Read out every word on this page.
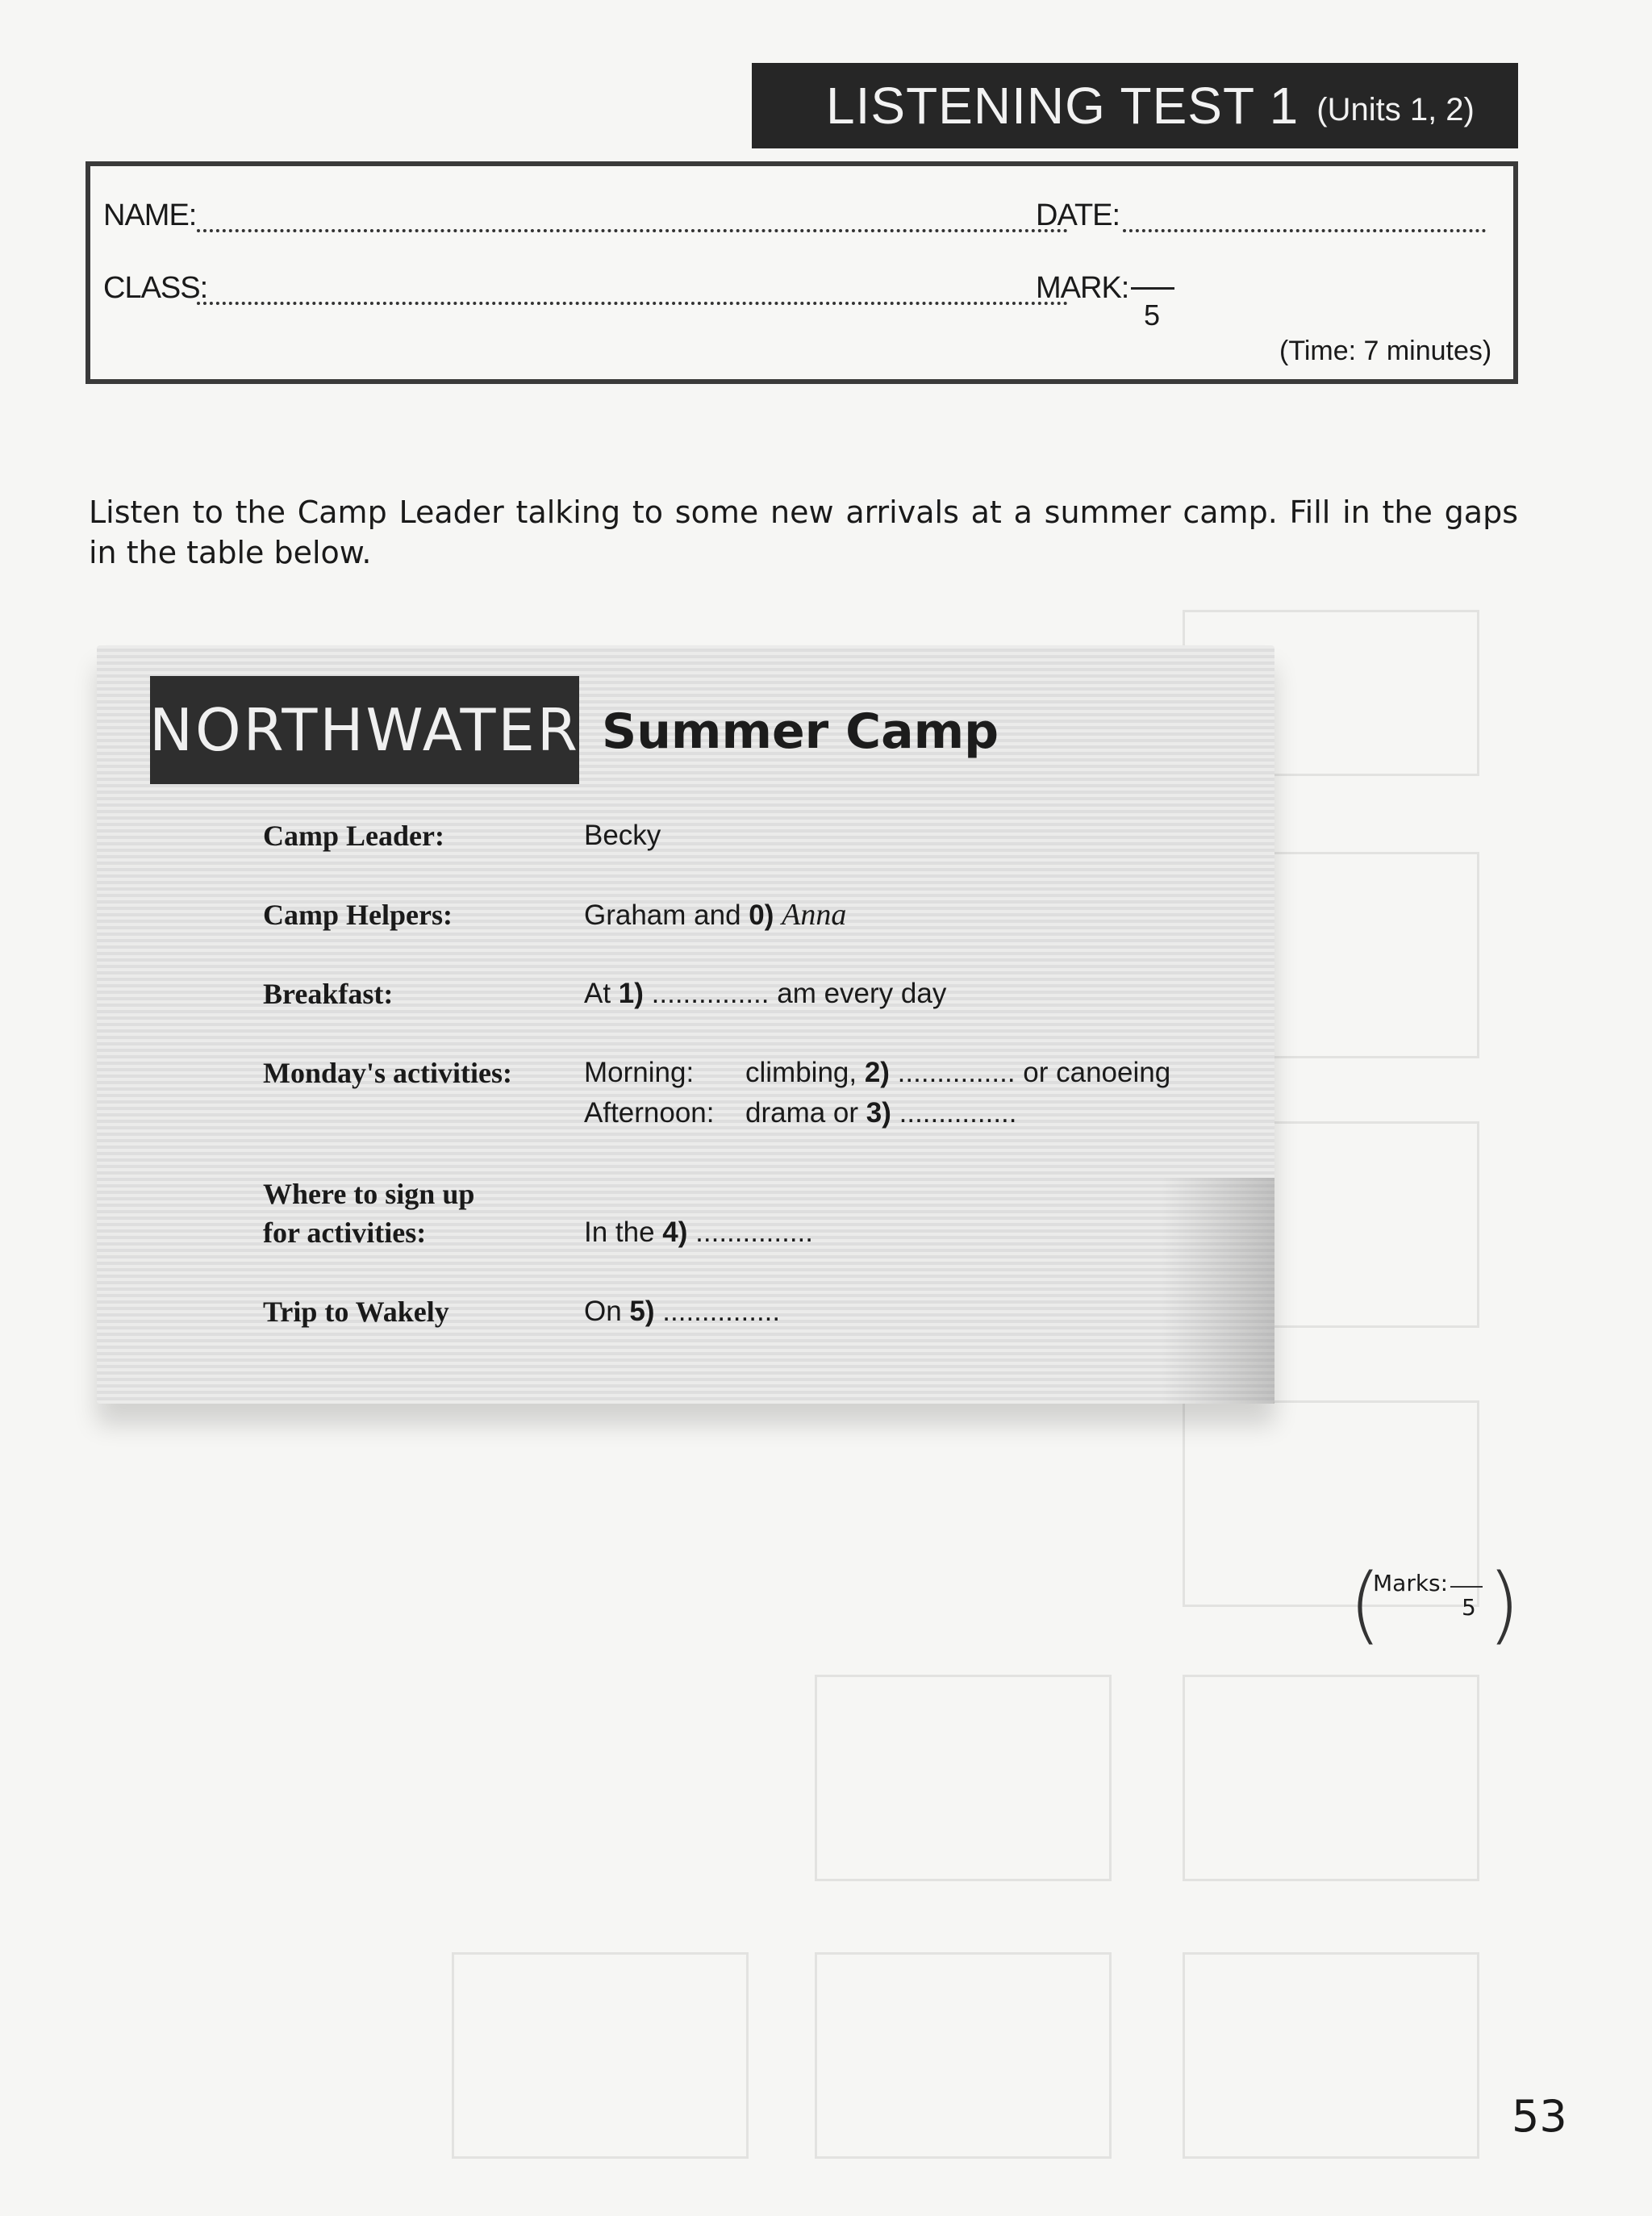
LISTENING TEST 1 (Units 1, 2)
NAME:
CLASS:
DATE:
MARK:
5
(Time: 7 minutes)
Listen to the Camp Leader talking to some new arrivals at a summer camp. Fill in the gaps in the table below.
NORTHWATER Summer Camp
Camp Leader:	Becky
Camp Helpers:	Graham and 0) Anna
Breakfast:	At 1) ............... am every day
Monday's activities:	Morning: climbing, 2) ............... or canoeing
Afternoon: drama or 3) ...............
Where to sign up
for activities:	In the 4) ...............
Trip to Wakely	On 5) ...............
(
Marks:
5 )
53
